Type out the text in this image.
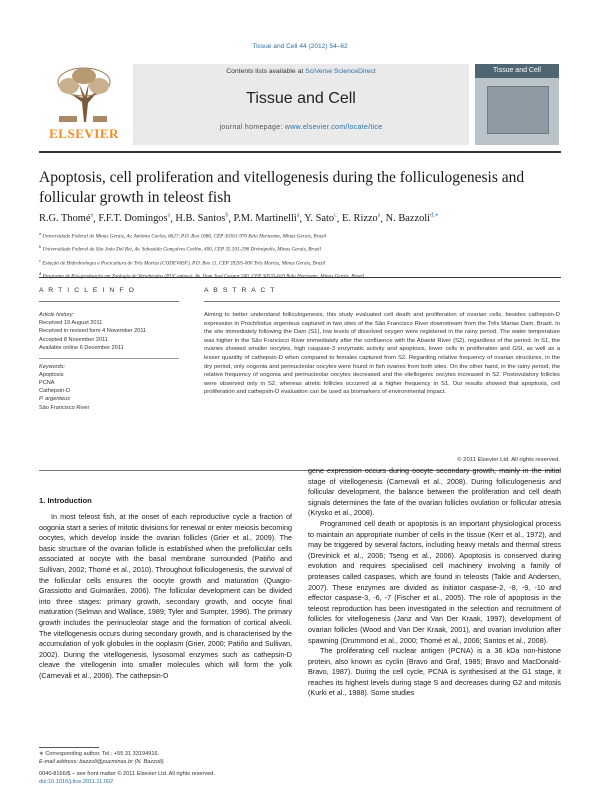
Tissue and Cell 44 (2012) 54–62
ELSEVIER
Contents lists available at SciVerse ScienceDirect
Tissue and Cell
journal homepage: www.elsevier.com/locate/tice
Tissue and Cell
Apoptosis, cell proliferation and vitellogenesis during the folliculogenesis and follicular growth in teleost fish
R.G. Thomé$^a$, F.F.T. Domingos$^a$, H.B. Santos$^b$, P.M. Martinelli$^a$, Y. Sato$^c$, E. Rizzo$^a$, N. Bazzoli$^{d,∗}$
$^a$ Universidade Federal de Minas Gerais, Av. Antônio Carlos, 6627, P.O. Box 1686, CEP 30161-970 Belo Horizonte, Minas Gerais, Brazil
$^b$ Universidade Federal de São João Del Rei, Av. Sebastião Gonçalves Coelho, 400, CEP 35.501-296 Divinópolis, Minas Gerais, Brazil
$^c$ Estação de Hidrobiologia e Piscicultura de Três Marias (CODEVASF), P.O. Box 11, CEP 39205-000 Três Marias, Minas Gerais, Brazil
$^d$
A R T I C L E I N F O
Article history:
Received 19 August 2011
Received in revised form 4 November 2011
Accepted 8 November 2011
Available online 6 December 2011
Keywords:
Apoptosis
PCNA
Cathepsin-D
P. argenteus
São Francisco River
A B S T R A C T
Aiming to better understand folliculogenesis, this study evaluated cell death and proliferation of ovarian cells, besides cathepsin-D expression in Prochilodus argenteus captured in two sites of the São Francisco River downstream from the Três Marias Dam, Brazil. In the site immediately following the Dam (S1), low levels of dissolved oxygen were registered in the rainy period. The water temperature was higher in the São Francisco River immediately after the confluence with the Abaeté River (S2), regardless of the period. In S1, the ovaries showed smaller oocytes, high caspase-3 enzymatic activity and apoptosis, lower cells in proliferation and GSI, as well as a lesser quantity of cathepsin-D when compared to females captured from S2. Regarding relative frequency of ovarian structures, in the dry period, only oogonia and perinucleolar oocytes were found in fish ovaries from both sites. On the other hand, in the rainy period, the relative frequency of oogonia and perinucleolar oocytes decreased and the vitellogenic oocytes increased in S2. Postovulatory follicles were observed only in S2, whereas atretic follicles occurred at a higher frequency in S1. Our results showed that apoptosis, cell proliferation and cathepsin-D evaluation can be used as biomarkers of environmental impact.
© 2011 Elsevier Ltd. All rights reserved.
1. Introduction

In most teleost fish, at the onset of each reproductive cycle a fraction of oogonia start a series of mitotic divisions for renewal or enter meiosis becoming oocytes, which develop inside the ovarian follicles (Grier et al., 2009). The basic structure of the ovarian follicle is established when the prefollicular cells associated at oocyte with the basal membrane surrounded (Patiño and Sullivan, 2002; Thomé et al., 2010). Throughout folliculogenesis, the survival of the follicular cells ensures the oocyte growth and maturation (Quagio-Grassiotto and Guimarães, 2006). The follicular development can be divided into three stages: primary growth, secondary growth, and oocyte final maturation (Selman and Wallace, 1989; Tyler and Sumpter, 1996). The primary growth includes the perinucleolar stage and the formation of cortical alveoli. The vitellogenesis occurs during secondary growth, and is characterised by the accumulation of yolk globules in the ooplasm (Grier, 2000; Patiño and Sullivan, 2002). During the vitellogenesis, lysosomal enzymes such as cathepsin-D cleave the vitellogenin into smaller molecules which will form the yolk (Carnevali et al., 2006). The cathepsin-D

gene expression occurs during oocyte secondary growth, mainly in the initial stage of vitellogenesis (Carnevali et al., 2008). During folliculogenesis and follicular development, the balance between the proliferation and cell death signals determines the fate of the ovarian follicles ovulation or follicular atresia (Krysko et al., 2008).

Programmed cell death or apoptosis is an important physiological process to maintain an appropriate number of cells in the tissue (Kerr et al., 1972), and may be triggered by several factors, including heavy metals and thermal stress (Drevinick et al., 2006; Tseng et al., 2006). Apoptosis is conserved during evolution and requires specialised cell machinery involving a family of proteases called caspases, which are found in teleosts (Takle and Andersen, 2007). These enzymes are divided as initiator caspase-2, -8, -9, -10 and effector caspase-3, -6, -7 (Fischer et al., 2005). The role of apoptosis in the teleost reproduction has been investigated in the selection and recruitment of follicles for vitellogenesis (Janz and Van Der Kraak, 1997), development of ovarian follicles (Wood and Van Der Kraak, 2001), and ovarian involution after spawning (Drummond et al., 2000; Thomé et al., 2006; Santos et al., 2008).

The proliferating cell nuclear antigen (PCNA) is a 36 kDa non-histone protein, also known as cyclin (Bravo and Graf, 1985; Bravo and MacDonald-Bravo, 1987). During the cell cycle, PCNA is synthesised at the G1 stage, it reaches its highest levels during stage S and decreases during G2 and mitosis (Kurki et al., 1988). Some studies

∗ Corresponding author. Tel.: +55 31 33194916.
E-mail address: bazzoli@pucminas.br (N. Bazzoli).
0040-8166/$ – see front matter © 2011 Elsevier Ltd. All rights reserved.
doi:10.1016/j.tice.2011.11.002
